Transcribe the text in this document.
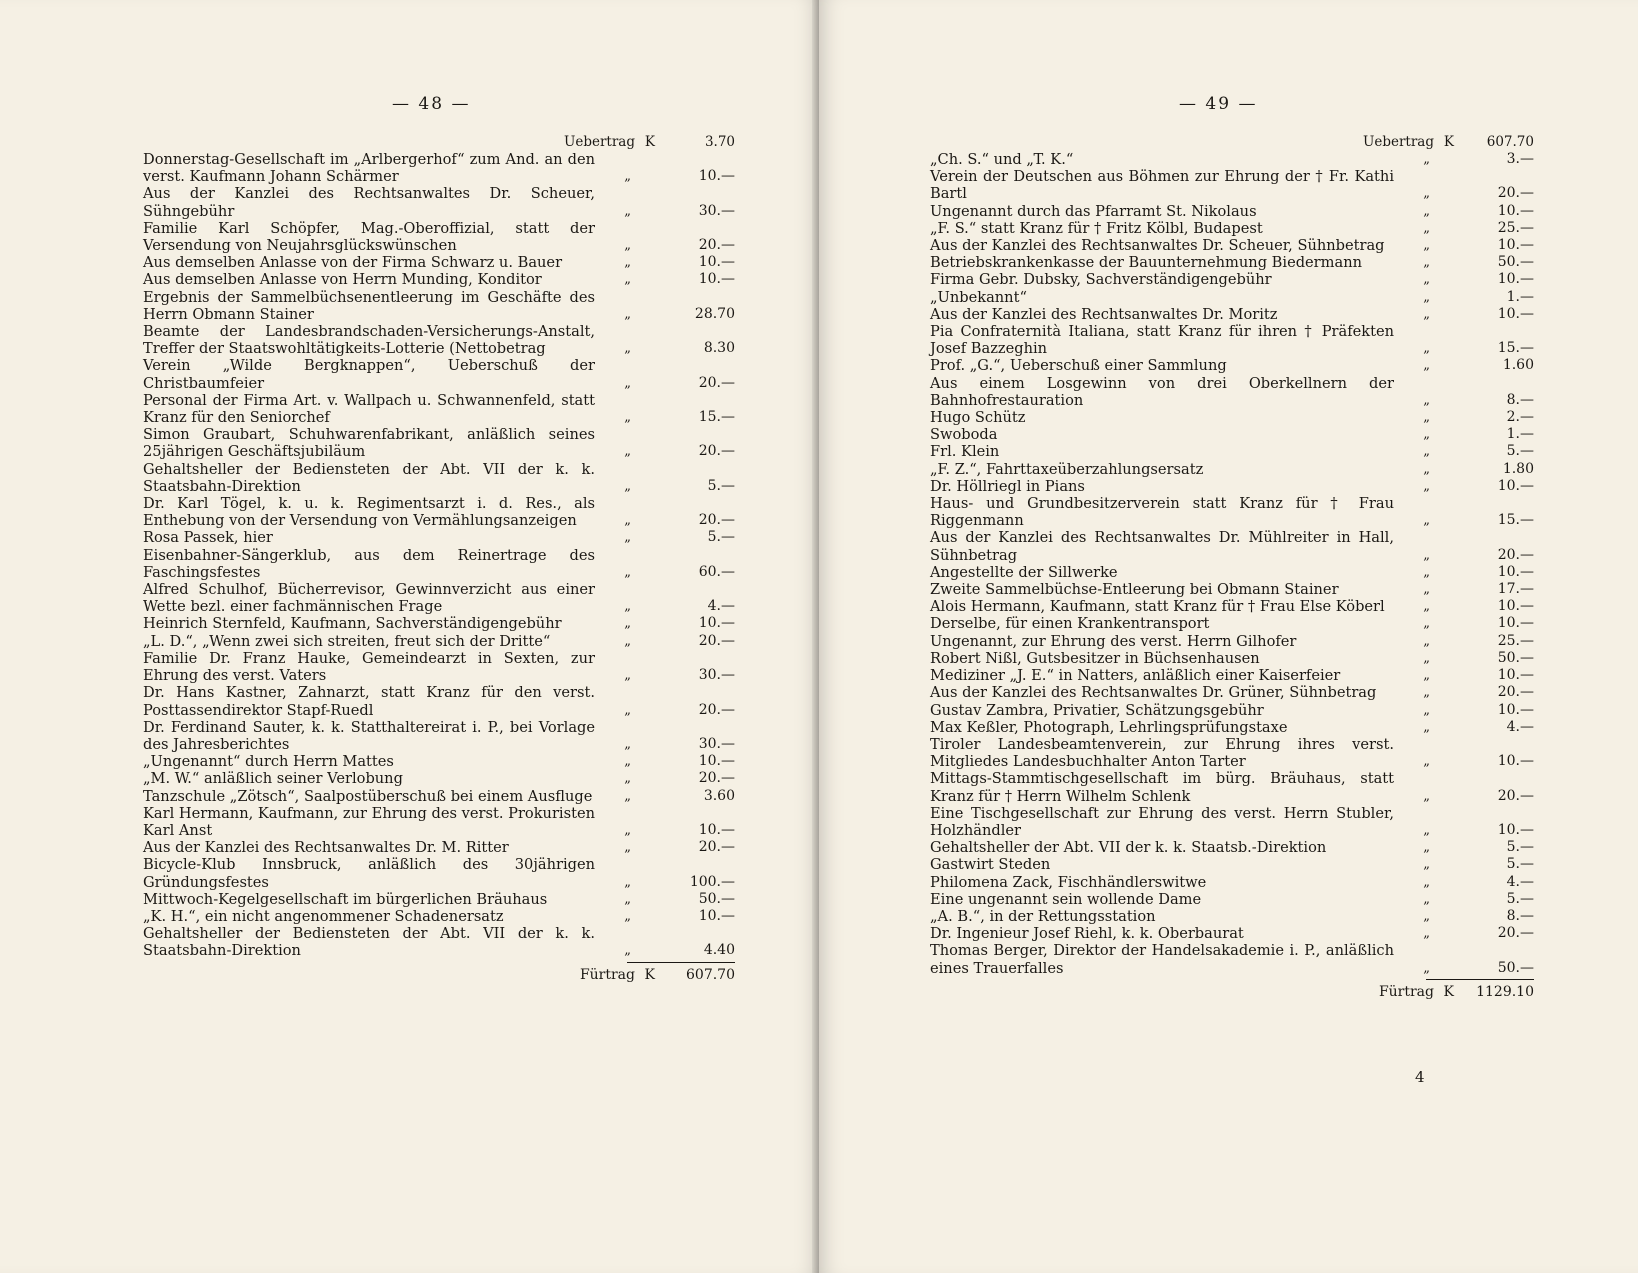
— 48 —
Uebertrag K	3.70
Donnerstag-Gesellschaft im „Arlbergerhof“ zum And. an den verst. Kaufmann Johann Schärmer	„	10.—
Aus der Kanzlei des Rechtsanwaltes Dr. Scheuer, Sühngebühr	„	30.—
Familie Karl Schöpfer, Mag.-Oberoffizial, statt der Versendung von Neujahrsglückswünschen	„	20.—
Aus demselben Anlasse von der Firma Schwarz u. Bauer	„	10.—
Aus demselben Anlasse von Herrn Munding, Konditor	„	10.—
Ergebnis der Sammelbüchsenentleerung im Geschäfte des Herrn Obmann Stainer	„	28.70
Beamte der Landesbrandschaden-Versicherungs-Anstalt, Treffer der Staatswohltätigkeits-Lotterie (Nettobetrag	„	8.30
Verein „Wilde Bergknappen“, Ueberschuß der Christbaumfeier	„	20.—
Personal der Firma Art. v. Wallpach u. Schwannenfeld, statt Kranz für den Seniorchef	„	15.—
Simon Graubart, Schuhwarenfabrikant, anläßlich seines 25jährigen Geschäftsjubiläum	„	20.—
Gehaltsheller der Bediensteten der Abt. VII der k. k. Staatsbahn-Direktion	„	5.—
Dr. Karl Tögel, k. u. k. Regimentsarzt i. d. Res., als Enthebung von der Versendung von Vermählungsanzeigen	„	20.—
Rosa Passek, hier	„	5.—
Eisenbahner-Sängerklub, aus dem Reinertrage des Faschingsfestes	„	60.—
Alfred Schulhof, Bücherrevisor, Gewinnverzicht aus einer Wette bezl. einer fachmännischen Frage	„	4.—
Heinrich Sternfeld, Kaufmann, Sachverständigengebühr	„	10.—
„L. D.“, „Wenn zwei sich streiten, freut sich der Dritte“	„	20.—
Familie Dr. Franz Hauke, Gemeindearzt in Sexten, zur Ehrung des verst. Vaters	„	30.—
Dr. Hans Kastner, Zahnarzt, statt Kranz für den verst. Posttassendirektor Stapf-Ruedl	„	20.—
Dr. Ferdinand Sauter, k. k. Statthaltereirat i. P., bei Vorlage des Jahresberichtes	„	30.—
„Ungenannt“ durch Herrn Mattes	„	10.—
„M. W.“ anläßlich seiner Verlobung	„	20.—
Tanzschule „Zötsch“, Saalpostüberschuß bei einem Ausfluge „	3.60
Karl Hermann, Kaufmann, zur Ehrung des verst. Prokuristen Karl Anst	„	10.—
Aus der Kanzlei des Rechtsanwaltes Dr. M. Ritter	„	20.—
Bicycle-Klub Innsbruck, anläßlich des 30jährigen Gründungsfestes	„	100.—
Mittwoch-Kegelgesellschaft im bürgerlichen Bräuhaus	„	50.—
„K. H.“, ein nicht angenommener Schadenersatz	„	10.—
Gehaltsheller der Bediensteten der Abt. VII der k. k. Staatsbahn-Direktion	„	4.40
Fürtrag K 607.70
— 49 —
Uebertrag K 607.70
„Ch. S.“ und „T. K.“	„	3.—
Verein der Deutschen aus Böhmen zur Ehrung der † Fr. Kathi Bartl	„	20.—
Ungenannt durch das Pfarramt St. Nikolaus	„	10.—
„F. S.“ statt Kranz für † Fritz Kölbl, Budapest	„	25.—
Aus der Kanzlei des Rechtsanwaltes Dr. Scheuer, Sühnbetrag	„	10.—
Betriebskrankenkasse der Bauunternehmung Biedermann	„	50.—
Firma Gebr. Dubsky, Sachverständigengebühr	„	10.—
„Unbekannt“	„	1.—
Aus der Kanzlei des Rechtsanwaltes Dr. Moritz	„	10.—
Pia Confraternità Italiana, statt Kranz für ihren † Präfekten Josef Bazzeghin	„	15.—
Prof. „G.“, Ueberschuß einer Sammlung	„	1.60
Aus einem Losgewinn von drei Oberkellnern der Bahnhofrestauration	„	8.—
Hugo Schütz	„	2.—
Swoboda	„	1.—
Frl. Klein	„	5.—
„F. Z.“, Fahrttaxeüberzahlungsersatz	„	1.80
Dr. Höllriegl in Pians	„	10.—
Haus- und Grundbesitzerverein statt Kranz für † Frau Riggenmann	„	15.—
Aus der Kanzlei des Rechtsanwaltes Dr. Mühlreiter in Hall, Sühnbetrag	„	20.—
Angestellte der Sillwerke	„	10.—
Zweite Sammelbüchse-Entleerung bei Obmann Stainer	„	17.—
Alois Hermann, Kaufmann, statt Kranz für † Frau Else Köberl	„	10.—
Derselbe, für einen Krankentransport	„	10.—
Ungenannt, zur Ehrung des verst. Herrn Gilhofer	„	25.—
Robert Nißl, Gutsbesitzer in Büchsenhausen	„	50.—
Mediziner „J. E.“ in Natters, anläßlich einer Kaiserfeier	„	10.—
Aus der Kanzlei des Rechtsanwaltes Dr. Grüner, Sühnbetrag	„	20.—
Gustav Zambra, Privatier, Schätzungsgebühr	„	10.—
Max Keßler, Photograph, Lehrlingsprüfungstaxe	„	4.—
Tiroler Landesbeamtenverein, zur Ehrung ihres verst. Mitgliedes Landesbuchhalter Anton Tarter	„	10.—
Mittags-Stammtischgesellschaft im bürg. Bräuhaus, statt Kranz für † Herrn Wilhelm Schlenk	„	20.—
Eine Tischgesellschaft zur Ehrung des verst. Herrn Stubler, Holzhändler	„	10.—
Gehaltsheller der Abt. VII der k. k. Staatsb.-Direktion	„	5.—
Gastwirt Steden	„	5.—
Philomena Zack, Fischhändlerswitwe	„	4.—
Eine ungenannt sein wollende Dame	„	5.—
„A. B.“, in der Rettungsstation	„	8.—
Dr. Ingenieur Josef Riehl, k. k. Oberbaurat	„	20.—
Thomas Berger, Direktor der Handelsakademie i. P., anläßlich eines Trauerfalles	„	50.—
Fürtrag K 1129.10
4
